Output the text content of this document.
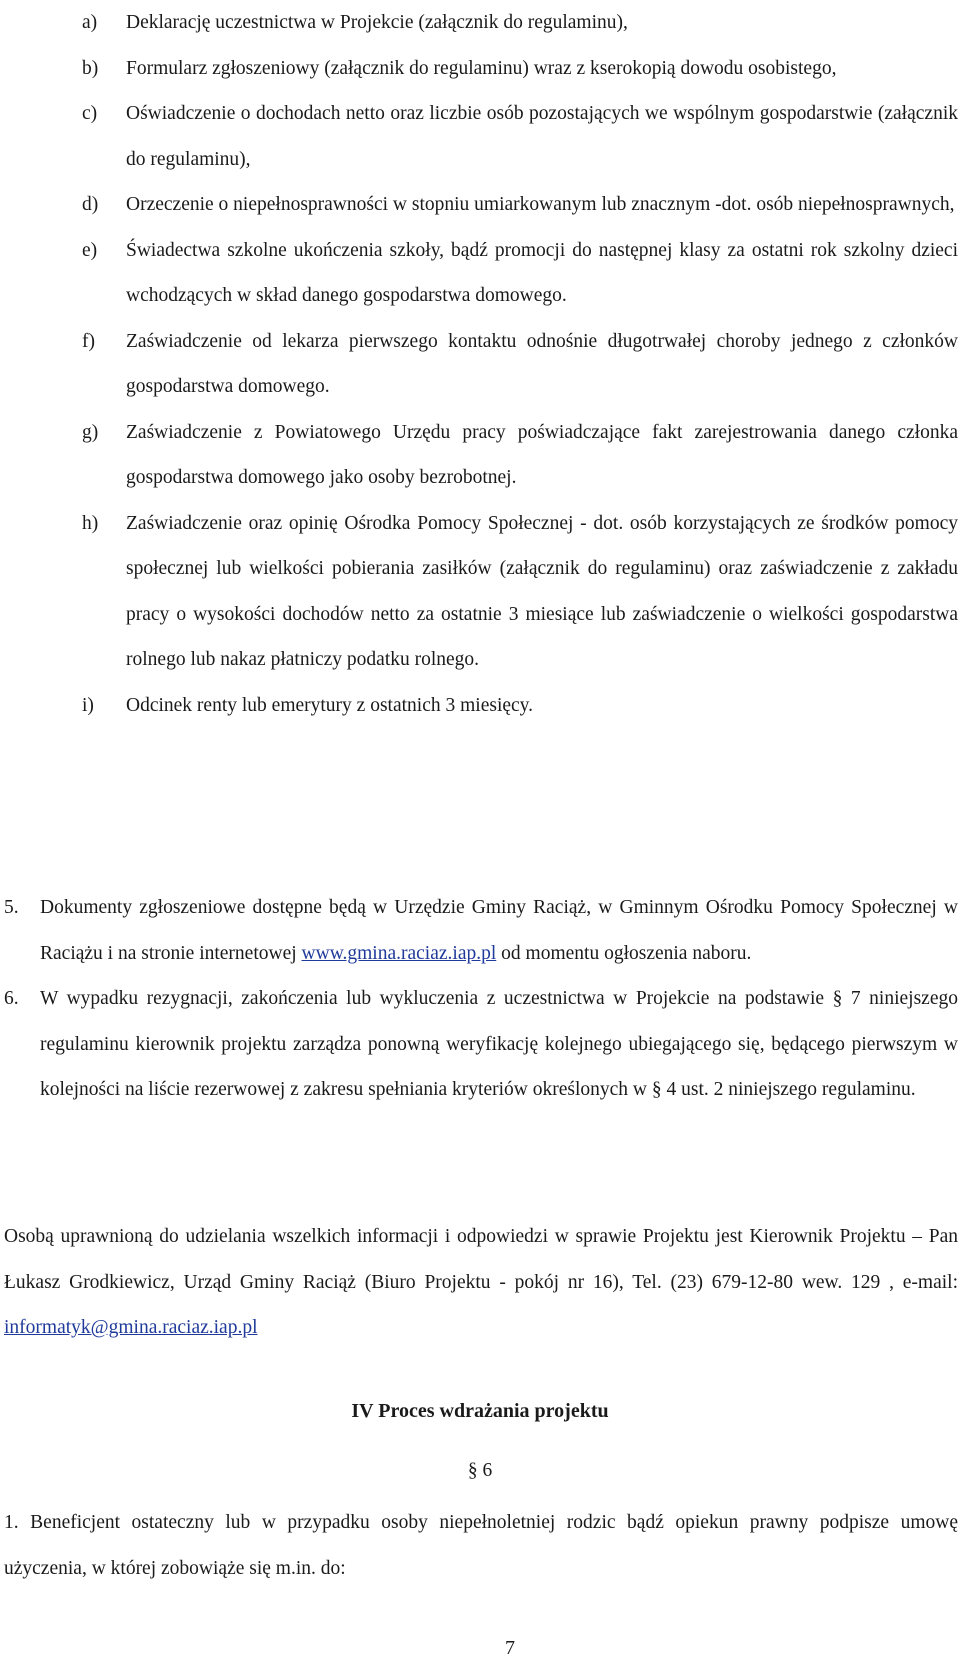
a)	Deklarację uczestnictwa w Projekcie (załącznik do regulaminu),
b)	Formularz zgłoszeniowy (załącznik do regulaminu) wraz z kserokopią dowodu osobistego,
c)	Oświadczenie o dochodach netto oraz liczbie osób pozostających we wspólnym gospodarstwie (załącznik do regulaminu),
d)	Orzeczenie o niepełnosprawności w stopniu umiarkowanym lub znacznym -dot. osób niepełnosprawnych,
e)	Świadectwa szkolne ukończenia szkoły, bądź promocji do następnej klasy za ostatni rok szkolny dzieci wchodzących w skład danego gospodarstwa domowego.
f)	Zaświadczenie od lekarza pierwszego kontaktu odnośnie długotrwałej choroby jednego z członków gospodarstwa domowego.
g)	Zaświadczenie z Powiatowego Urzędu pracy poświadczające fakt zarejestrowania danego członka gospodarstwa domowego jako osoby bezrobotnej.
h)	Zaświadczenie oraz opinię Ośrodka Pomocy Społecznej - dot. osób korzystających ze środków pomocy społecznej lub wielkości pobierania zasiłków (załącznik do regulaminu) oraz zaświadczenie z zakładu pracy o wysokości dochodów netto za ostatnie 3 miesiące lub zaświadczenie o wielkości gospodarstwa rolnego lub nakaz płatniczy podatku rolnego.
i)	Odcinek renty lub emerytury z ostatnich 3 miesięcy.
5.	Dokumenty zgłoszeniowe dostępne będą w Urzędzie Gminy Raciąż, w Gminnym Ośrodku Pomocy Społecznej w Raciążu i na stronie internetowej www.gmina.raciaz.iap.pl od momentu ogłoszenia naboru.
6.	W wypadku rezygnacji, zakończenia lub wykluczenia z uczestnictwa w Projekcie na podstawie § 7 niniejszego regulaminu kierownik projektu zarządza ponowną weryfikację kolejnego ubiegającego się, będącego pierwszym w kolejności na liście rezerwowej z zakresu spełniania kryteriów określonych w § 4 ust. 2 niniejszego regulaminu.
Osobą uprawnioną do udzielania wszelkich informacji i odpowiedzi w sprawie Projektu jest Kierownik Projektu – Pan Łukasz Grodkiewicz, Urząd Gminy Raciąż (Biuro Projektu - pokój nr 16), Tel. (23) 679-12-80 wew. 129 , e-mail: informatyk@gmina.raciaz.iap.pl
IV Proces wdrażania projektu
§ 6
1. Beneficjent ostateczny lub w przypadku osoby niepełnoletniej rodzic bądź opiekun prawny podpisze umowę użyczenia, w której zobowiąże się m.in. do:
7
